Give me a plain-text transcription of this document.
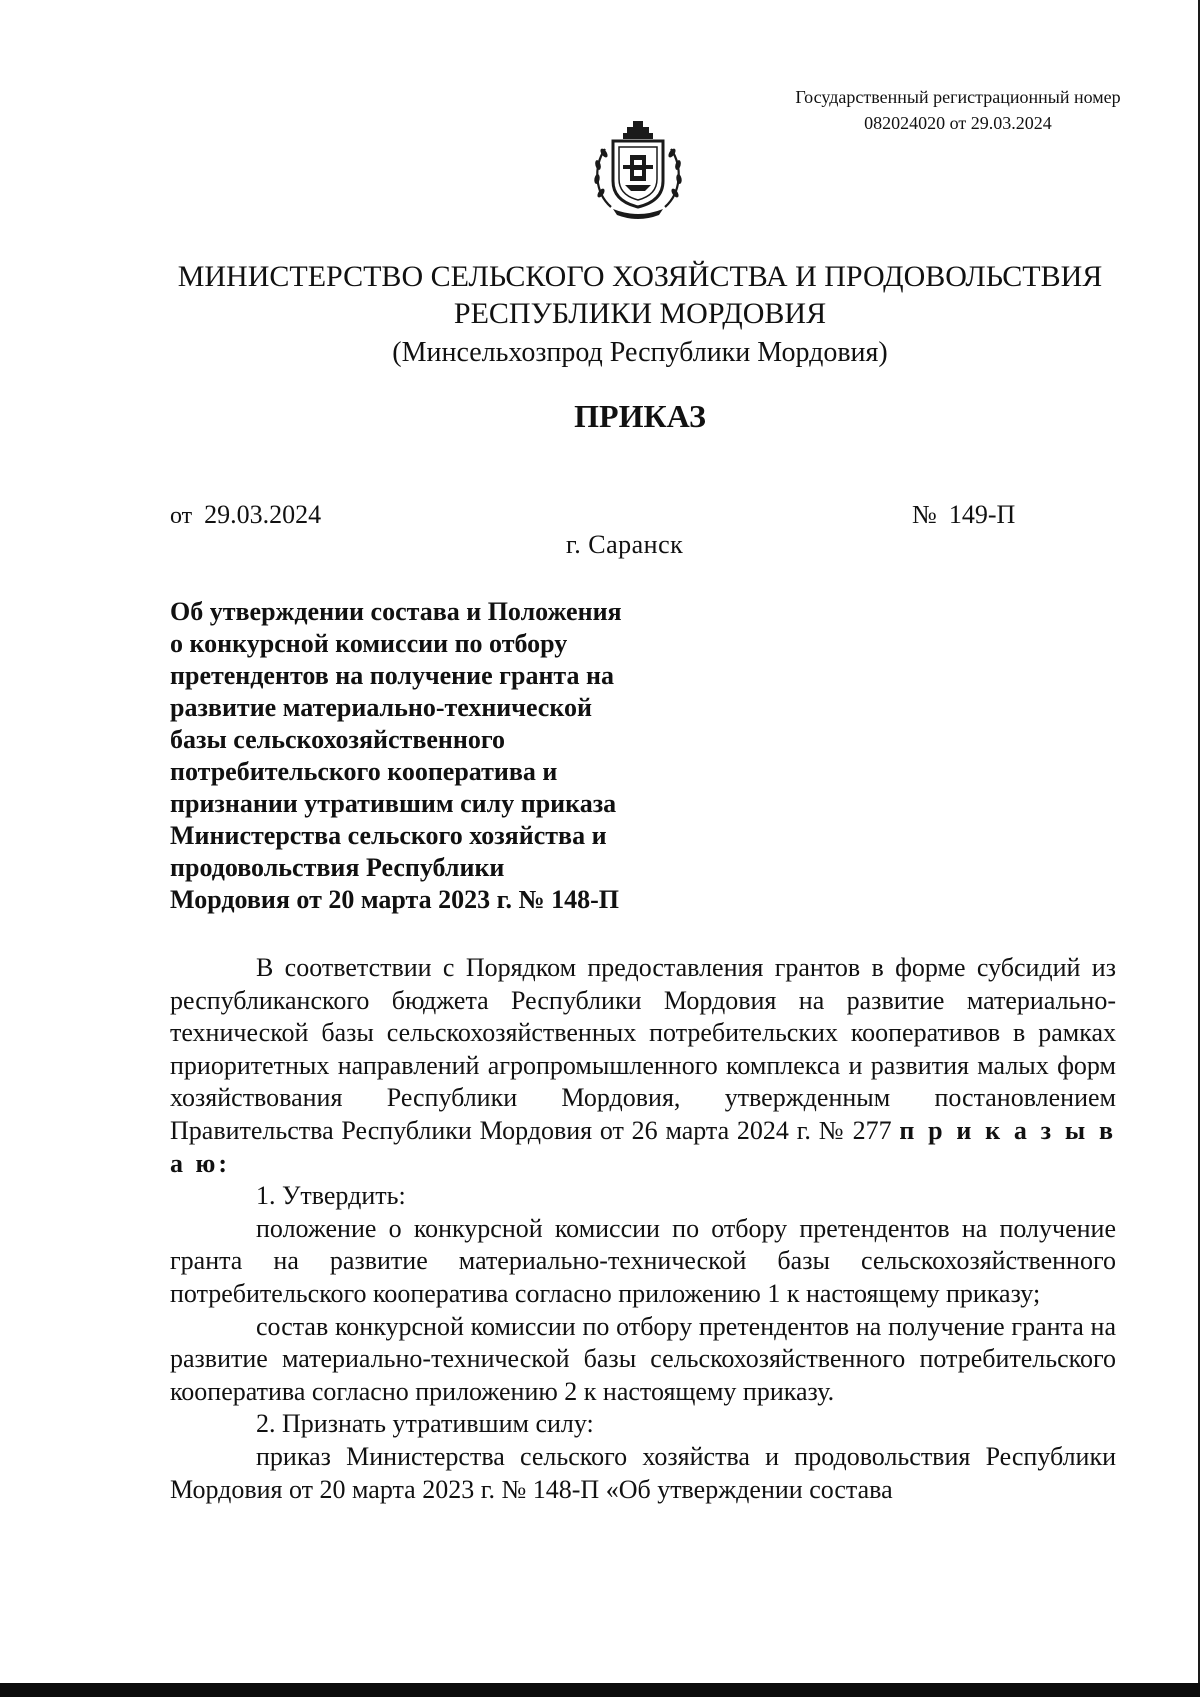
Государственный регистрационный номер
082024020 от 29.03.2024
МИНИСТЕРСТВО СЕЛЬСКОГО ХОЗЯЙСТВА И ПРОДОВОЛЬСТВИЯ
РЕСПУБЛИКИ МОРДОВИЯ
(Минсельхозпрод Республики Мордовия)
ПРИКАЗ
от 29.03.2024	№ 149-П
г. Саранск
Об утверждении состава и Положения
о конкурсной комиссии по отбору
претендентов на получение гранта на
развитие материально-технической
базы сельскохозяйственного
потребительского кооператива и
признании утратившим силу приказа
Министерства сельского хозяйства и
продовольствия Республики
Мордовия от 20 марта 2023 г. № 148-П

В соответствии с Порядком предоставления грантов в форме субсидий из республиканского бюджета Республики Мордовия на развитие материально-технической базы сельскохозяйственных потребительских кооперативов в рамках приоритетных направлений агропромышленного комплекса и развития малых форм хозяйствования Республики Мордовия, утвержденным постановлением Правительства Республики Мордовия от 26 марта 2024 г. № 277 п р и к а з ы в а ю:

1. Утвердить:

положение о конкурсной комиссии по отбору претендентов на получение гранта на развитие материально-технической базы сельскохозяйственного потребительского кооператива согласно приложению 1 к настоящему приказу;

состав конкурсной комиссии по отбору претендентов на получение гранта на развитие материально-технической базы сельскохозяйственного потребительского кооператива согласно приложению 2 к настоящему приказу.

2. Признать утратившим силу:

приказ Министерства сельского хозяйства и продовольствия Республики Мордовия от 20 марта 2023 г. № 148-П «Об утверждении состава
